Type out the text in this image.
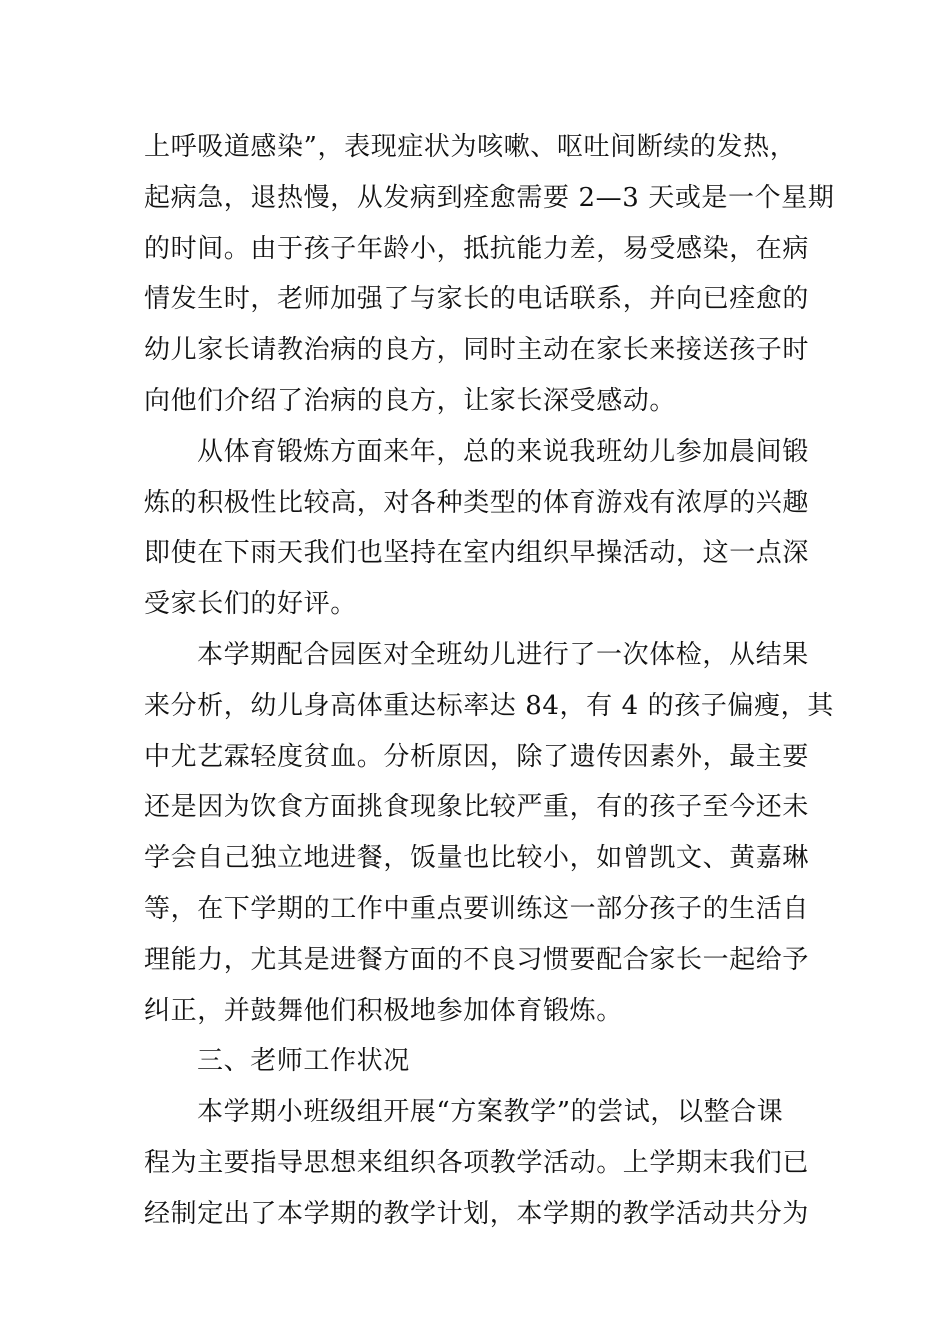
上呼吸道感染”，表现症状为咳嗽、呕吐间断续的发热，
起病急，退热慢，从发病到痊愈需要 2—3 天或是一个星期
的时间。由于孩子年龄小，抵抗能力差，易受感染，在病
情发生时，老师加强了与家长的电话联系，并向已痊愈的
幼儿家长请教治病的良方，同时主动在家长来接送孩子时
向他们介绍了治病的良方，让家长深受感动。
从体育锻炼方面来年，总的来说我班幼儿参加晨间锻
炼的积极性比较高，对各种类型的体育游戏有浓厚的兴趣
即使在下雨天我们也坚持在室内组织早操活动，这一点深
受家长们的好评。
本学期配合园医对全班幼儿进行了一次体检，从结果
来分析，幼儿身高体重达标率达 84，有 4 的孩子偏瘦，其
中尤艺霖轻度贫血。分析原因，除了遗传因素外，最主要
还是因为饮食方面挑食现象比较严重，有的孩子至今还未
学会自己独立地进餐，饭量也比较小，如曾凯文、黄嘉琳
等，在下学期的工作中重点要训练这一部分孩子的生活自
理能力，尤其是进餐方面的不良习惯要配合家长一起给予
纠正，并鼓舞他们积极地参加体育锻炼。
三、老师工作状况
本学期小班级组开展“方案教学”的尝试，以整合课
程为主要指导思想来组织各项教学活动。上学期末我们已
经制定出了本学期的教学计划，本学期的教学活动共分为
